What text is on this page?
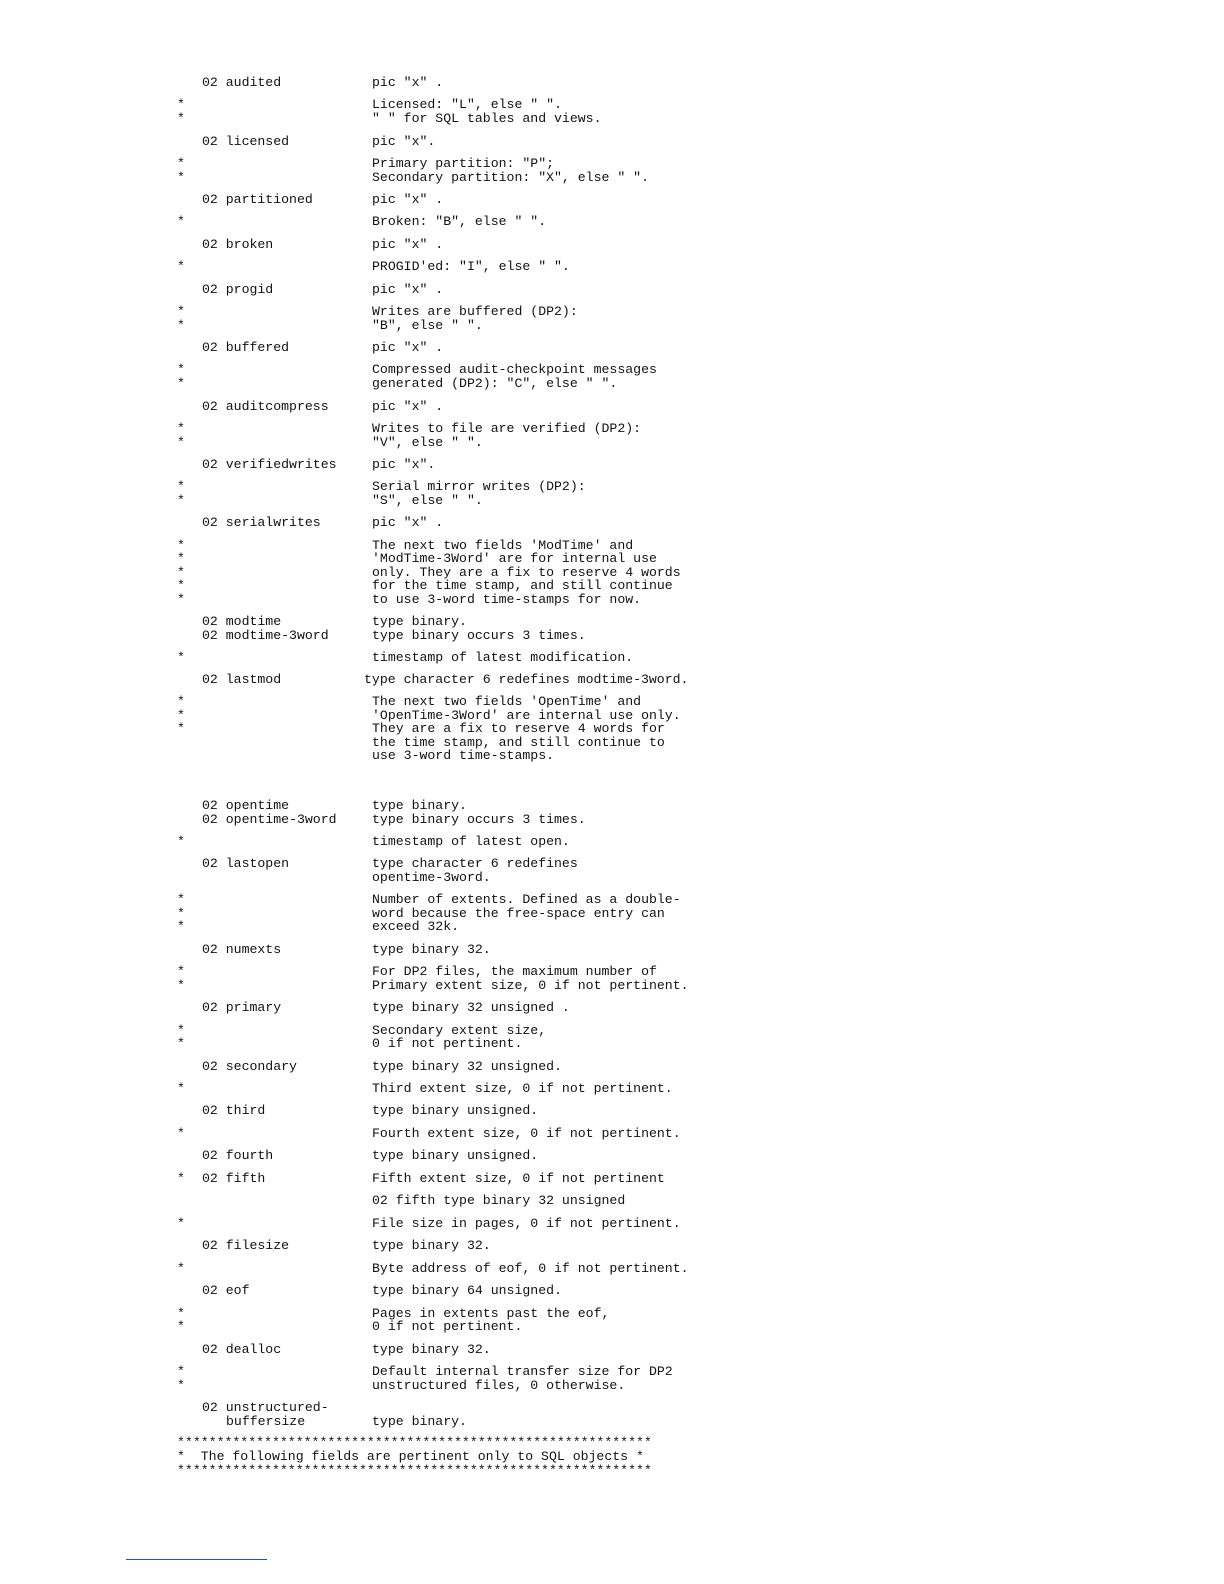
02 audited	pic "x" .
*	Licensed: "L", else " ".
*	" " for SQL tables and views.
02 licensed	pic "x".
*	Primary partition: "P";
*	Secondary partition: "X", else " ".
02 partitioned	pic "x" .
*	Broken: "B", else " ".
02 broken	pic "x" .
*	PROGID'ed: "I", else " ".
02 progid	pic "x" .
*	Writes are buffered (DP2):
*	"B", else " ".
02 buffered	pic "x" .
*	Compressed audit-checkpoint messages
*	generated (DP2): "C", else " ".
02 auditcompress	pic "x" .
*	Writes to file are verified (DP2):
*	"V", else " ".
02 verifiedwrites	pic "x".
*	Serial mirror writes (DP2):
*	"S", else " ".
02 serialwrites	pic "x" .
*	The next two fields 'ModTime' and
*	'ModTime-3Word' are for internal use
*	only. They are a fix to reserve 4 words
*	for the time stamp, and still continue
*	to use 3-word time-stamps for now.
02 modtime	type binary.
02 modtime-3word	type binary occurs 3 times.
*	timestamp of latest modification.
02 lastmod	type character 6 redefines modtime-3word.
*	The next two fields 'OpenTime' and
*	'OpenTime-3Word' are internal use only.
*	They are a fix to reserve 4 words for
the time stamp, and still continue to
use 3-word time-stamps.
02 opentime	type binary.
02 opentime-3word	type binary occurs 3 times.
*	timestamp of latest open.
02 lastopen	type character 6 redefines
opentime-3word.
*	Number of extents. Defined as a double-
*	word because the free-space entry can
*	exceed 32k.
02 numexts	type binary 32.
*	For DP2 files, the maximum number of
*	Primary extent size, 0 if not pertinent.
02 primary	type binary 32 unsigned .
*	Secondary extent size,
*	0 if not pertinent.
02 secondary	type binary 32 unsigned.
*	Third extent size, 0 if not pertinent.
02 third	type binary unsigned.
*	Fourth extent size, 0 if not pertinent.
02 fourth	type binary unsigned.
* 02 fifth	Fifth extent size, 0 if not pertinent
02 fifth type binary 32 unsigned
*	File size in pages, 0 if not pertinent.
02 filesize	type binary 32.
*	Byte address of eof, 0 if not pertinent.
02 eof	type binary 64 unsigned.
*	Pages in extents past the eof,
*	0 if not pertinent.
02 dealloc	type binary 32.
*	Default internal transfer size for DP2
*	unstructured files, 0 otherwise.
02 unstructured-
buffersize	type binary.
************************************************************
*  The following fields are pertinent only to SQL objects *
************************************************************
